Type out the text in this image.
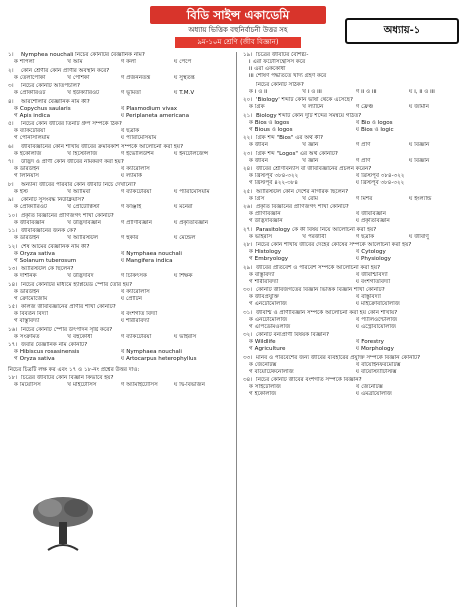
বিডি সাইন্স একাডেমি
অধ্যায় ভিত্তিক বহুনির্বাচনী উত্তর সহ
৯ম-১০ম শ্রেণি (জীব বিজ্ঞান)
অধ্যায়-১
১।	Nymphea nouchali নিচের কোনটির বৈজ্ঞানিক নাম?
ক শাপলা	খ আম	গ কলা	ঘ পেঁপে
২।	কোন শ্রেণীর কোন প্রাণীর অবস্থান করে?
ক তেলাপোকা	খ পেশিকা	গ প্রজননতন্ত্র	ঘ সুস্থতন্ত্র
৩।	নিচের কোনটি আতপচাল?
ক প্রোকারিওট	খ ইউক্যারিওট	গ ভূমিতা	ঘ T.M.V
৪।	আরশোলার বৈজ্ঞানিক নাম কী?
ক Copychus saularis	খ Plasmodium vivax
গ Apis indica	ঘ Periplaneta americana
৫।	নিচের কোন জীবের তিনটি গ্রুপ সম্পর্কে ঠিক?
ক ব্যাকটেরিয়া	খ ছত্রাক
গ পেনিসিলিয়াম	ঘ প্যারামেসিয়াম
৬।	জীববিজ্ঞানের কোন শাখায় জীবের ক্রমবিকাশ সম্পর্কে আলোচনা করা হয়?
ক ইকোলজি	খ হিস্টোলজি	গ ইভোলিউশন	ঘ ইনটেলিজেন্স
৭।	উদ্ভিদ ও প্রাণী কোন জীবের নামকরণ করা হয়?
ক ডারউইন	খ ক্যারোলাস
গ লিনিয়াস	ঘ ল্যামার্ক
৮।	অন্যান্য জীবের পরিবার কোন জীবটি নিচে দেখানো?
ক ইস্ট	খ অ্যামিবা	গ ব্যাকটেরিয়া	ঘ প্যারামেসিয়াম
৯।	কোনটি সুসংবদ্ধ নিউক্লিয়াস?
ক প্রোক্যারিওট	খ প্রোটোক্টিস্টা	গ ফাঞ্জাই	ঘ মনেরা
১০। প্রকৃতি বিজ্ঞানের প্রাণিজগৎ শাখা কোনটি?
ক জীববিজ্ঞান	খ উদ্ভিদবিজ্ঞান	গ প্রাণিবিজ্ঞান	ঘ প্রকৃতিবিজ্ঞান
১১। জীববিজ্ঞানের জনক কে?
ক ডারউইন	খ অ্যারিস্টটল	গ হুকার	ঘ মেন্ডেল
১২। শেষ আমের বৈজ্ঞানিক নাম কী?
ক Oryza sativa	খ Nymphaea nouchali
গ Solanum tuberosum	ঘ Mangifera indica
১৩। অ্যারিস্টটল কে ছিলেন?
ক দার্শনিক	খ উদ্ভিদবিদ	গ চিকিৎসক	ঘ শিক্ষক
১৪। নিচের কোনটির মাধ্যমে হ্যাপ্লয়েড স্পোর তৈরি হয়?
ক ডারউইন	খ ক্যারোলাস
গ ক্রোমোজোম	ঘ প্রোটিন
১৫। কলিজ জীববিজ্ঞানের প্রাণীর শাখা কোনটি?
ক বিবর্তন বিদ্যা	খ বংশগতি বিদ্যা
গ বাস্তুবিদ্যা	ঘ শারীরবিদ্যা
১৬। নিচের কোনটি স্পোর উৎপাদন সৃষ্টি করে?
ক সংক্রমিত	খ বহুকোষী	গ ব্যাকটেরিয়া	ঘ ভাইরাস
১৭। জবার বৈজ্ঞানিক নাম কোনটি?
ক Hibiscus rosasinensis	খ Nymphaea nouchali
গ Oryza sativa	ঘ Artocarpus heterophyllus
নিচের চিত্রটি লক্ষ কর এবং ১৭ ও ১৮-নং প্রশ্নের উত্তর দাও:
১৮। চিত্রের জীবটির কোন বিজ্ঞান কিভাবে হয়?
ক মিয়োসিস	খ মাইটোসিস	গ অ্যামাইটোসিস	ঘ দ্বি-বিভাজন
১৯। চিত্রের জীবটির বৈশিষ্ট্য-
i এরা ফটোসিন্থেসিস করে
ii এরা এককোষী
iii শোষণ পদ্ধতিতে খাদ্য গ্রহণ করে
নিচের কোনটি সঠিক?
ক i ও ii	খ i ও iii	গ ii ও iii	ঘ i, ii ও iii
২০। 'Biology' শব্দটি কোন ভাষা থেকে এসেছে?
ক গ্রিক	খ ল্যাটিন	গ ফ্রেঞ্চ	ঘ জার্মান
২১। Biology শব্দটি কোন দুটি শব্দের সমন্বয়ে গঠিত?
ক Bios ও logos	খ Bio ও logos
গ Bious ও logos	ঘ Bios ও logic
২২। গ্রিক শব্দ "Bios" এর অর্থ কী?
ক জীবন	খ জ্ঞান	গ প্রাণ	ঘ বিজ্ঞান
২৩। গ্রিক শব্দ "Logos" এর অর্থ কোনটি?
ক জীবন	খ জ্ঞান	গ প্রাণ	ঘ বিজ্ঞান
২৪। জীবের শ্রেণিবিন্যাস বা জীববিজ্ঞানের প্রচলন করেন?
ক খ্রিস্টপূর্ব ৩৮৪-৩২২	খ খ্রিস্টপূর্ব ৩৮৪-৩২২
গ খ্রিস্টপূর্ব ৪২২-৩৮৪	ঘ খ্রিস্টপূর্ব ৩৮৪-৩২২
২৫। অ্যারিস্টটল কোন দেশের নাগরিক ছিলেন?
ক গ্রিস	খ রোম	গ মিশর	ঘ ইংল্যান্ড
২৬। প্রকৃতি বিজ্ঞানের প্রাণিজগৎ শাখা কোনটি?
ক প্রাণিবিজ্ঞান	খ জীববিজ্ঞান
গ উদ্ভিদবিজ্ঞান	ঘ প্রকৃতিবিজ্ঞান
২৭। Parasitology কে কী বিষয় নিয়ে আলোচনা করা হয়?
ক ভাইরাস	খ পরজীবী	গ ছত্রাক	ঘ জীবাণু
২৮। নিচের কোন শাখায় জীবের দেহের কোষের সম্পর্কে আলোচনা করা হয়?
ক Histology	খ Cytology
গ Embryology	ঘ Physiology
২৯। জীবের প্রতিবেশ ও পরিবেশ সম্পর্কে আলোচনা করা হয়?
ক বাস্তুবিদ্যা	খ জীবাশ্মবিদ্যা
গ শারীরবিদ্যা	ঘ বংশগতিবিদ্যা
৩০। কোনটি জীবজগতের বিজ্ঞান ভিত্তিক বিজ্ঞান শাখা কোনটি?
ক জীবপ্রযুক্তি	খ বাস্তুবিদ্যা
গ এনটোমোলজি	ঘ মাইক্রোবায়োলজি
৩১। জীবাশ্ম ও প্রাণীবিজ্ঞান সম্পর্কে আলোচনা করা হয় কোন শাখায়?
ক এনটোমোলজি	খ প্যালিওন্টোলজি
গ এপিডেমিওলজি	ঘ এস্ট্রোবায়োলজি
৩২। কোনটি বন্যপ্রাণী বিষয়ক বিজ্ঞান?
ক Wildlife	খ Forestry
গ Agriculture	ঘ Morphology
৩৩। মানব ও পরিবেশের জন্য জীবের ব্যবহারের প্রযুক্তি সম্পর্কে বিজ্ঞান কোনটি?
ক জেনেটিক্স	খ বায়োইনফরমেটিক্স
গ বায়োটেকনোলজি	ঘ বায়োস্ট্যাটিস্টিক্স
৩৪। নিচের কোনটি জীবের বংশগতি সম্পর্কে বিজ্ঞান?
ক সাইটোলজি	খ জেনেটিক্স
গ ইকোলজি	ঘ এমব্রায়োলজি
